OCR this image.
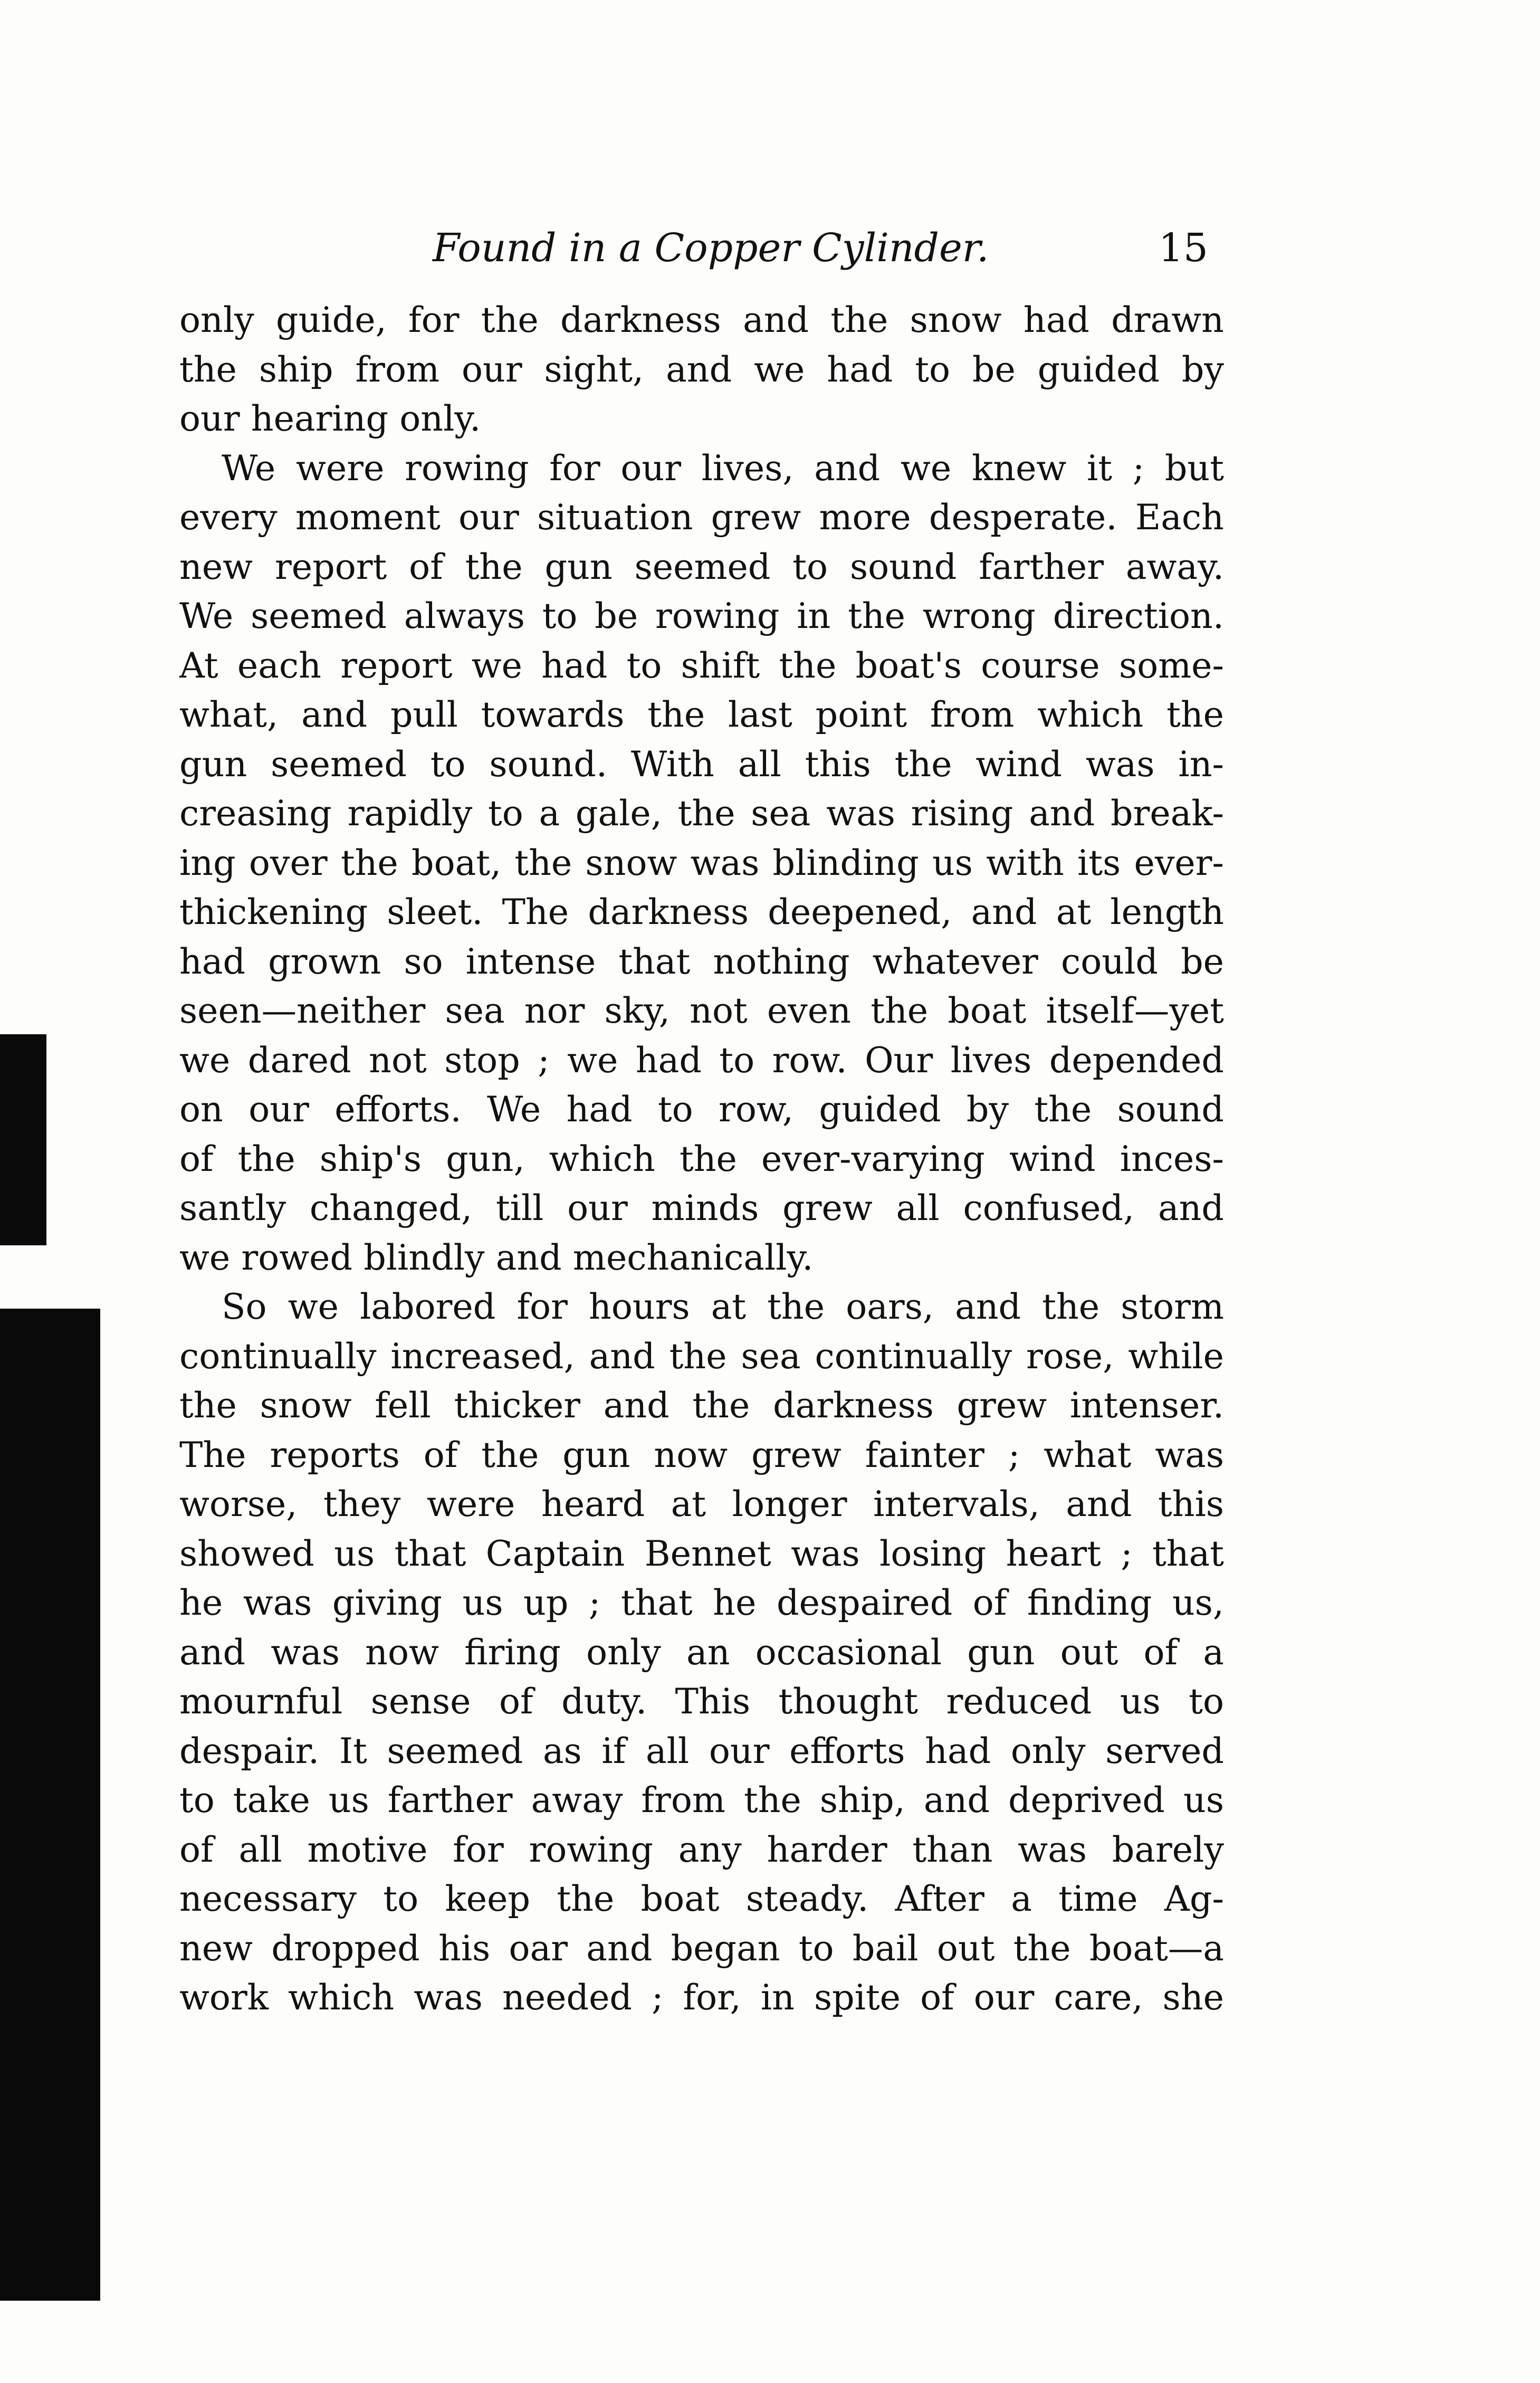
Found in a Copper Cylinder.	15
only guide, for the darkness and the snow had drawn
the ship from our sight, and we had to be guided by
our hearing only.
We were rowing for our lives, and we knew it ; but
every moment our situation grew more desperate. Each
new report of the gun seemed to sound farther away.
We seemed always to be rowing in the wrong direction.
At each report we had to shift the boat's course some-
what, and pull towards the last point from which the
gun seemed to sound. With all this the wind was in-
creasing rapidly to a gale, the sea was rising and break-
ing over the boat, the snow was blinding us with its ever-
thickening sleet. The darkness deepened, and at length
had grown so intense that nothing whatever could be
seen—neither sea nor sky, not even the boat itself—yet
we dared not stop ; we had to row. Our lives depended
on our efforts. We had to row, guided by the sound
of the ship's gun, which the ever-varying wind inces-
santly changed, till our minds grew all confused, and
we rowed blindly and mechanically.
So we labored for hours at the oars, and the storm
continually increased, and the sea continually rose, while
the snow fell thicker and the darkness grew intenser.
The reports of the gun now grew fainter ; what was
worse, they were heard at longer intervals, and this
showed us that Captain Bennet was losing heart ; that
he was giving us up ; that he despaired of finding us,
and was now firing only an occasional gun out of a
mournful sense of duty. This thought reduced us to
despair. It seemed as if all our efforts had only served
to take us farther away from the ship, and deprived us
of all motive for rowing any harder than was barely
necessary to keep the boat steady. After a time Ag-
new dropped his oar and began to bail out the boat—a
work which was needed ; for, in spite of our care, she
